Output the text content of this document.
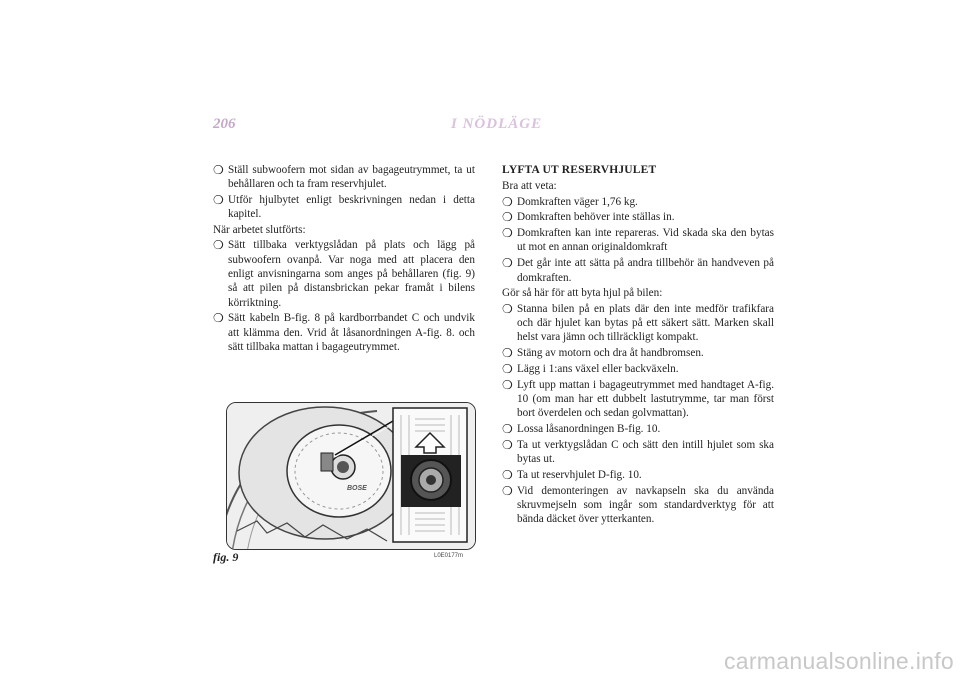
206	I NÖDLÄGE
❍ Ställ subwoofern mot sidan av bagageutrymmet, ta ut behållaren och ta fram reservhjulet.
❍ Utför hjulbytet enligt beskrivningen nedan i detta kapitel.

När arbetet slutförts:

❍ Sätt tillbaka verktygslådan på plats och lägg på subwoofern ovanpå. Var noga med att placera den enligt anvisningarna som anges på behållaren (fig. 9) så att pilen på distansbrickan pekar framåt i bilens körriktning.
❍ Sätt kabeln B-fig. 8 på kardborrbandet C och undvik att klämma den. Vrid åt låsanordningen A-fig. 8. och sätt tillbaka mattan i bagageutrymmet.
BOSE
fig. 9	L0E0177m
LYFTA UT RESERVHJULET

Bra att veta:

❍ Domkraften väger 1,76 kg.
❍ Domkraften behöver inte ställas in.
❍ Domkraften kan inte repareras. Vid skada ska den bytas ut mot en annan originaldomkraft
❍ Det går inte att sätta på andra tillbehör än handveven på domkraften.

Gör så här för att byta hjul på bilen:

❍ Stanna bilen på en plats där den inte medför trafikfara och där hjulet kan bytas på ett säkert sätt. Marken skall helst vara jämn och tillräckligt kompakt.
❍ Stäng av motorn och dra åt handbromsen.
❍ Lägg i 1:ans växel eller backväxeln.
❍ Lyft upp mattan i bagageutrymmet med handtaget A-fig. 10 (om man har ett dubbelt lastutrymme, tar man först bort överdelen och sedan golvmattan).
❍ Lossa låsanordningen B-fig. 10.
❍ Ta ut verktygslådan C och sätt den intill hjulet som ska bytas ut.
❍ Ta ut reservhjulet D-fig. 10.
❍ Vid demonteringen av navkapseln ska du använda skruvmejseln som ingår som standardverktyg för att bända däcket över ytterkanten.
carmanualsonline.info
